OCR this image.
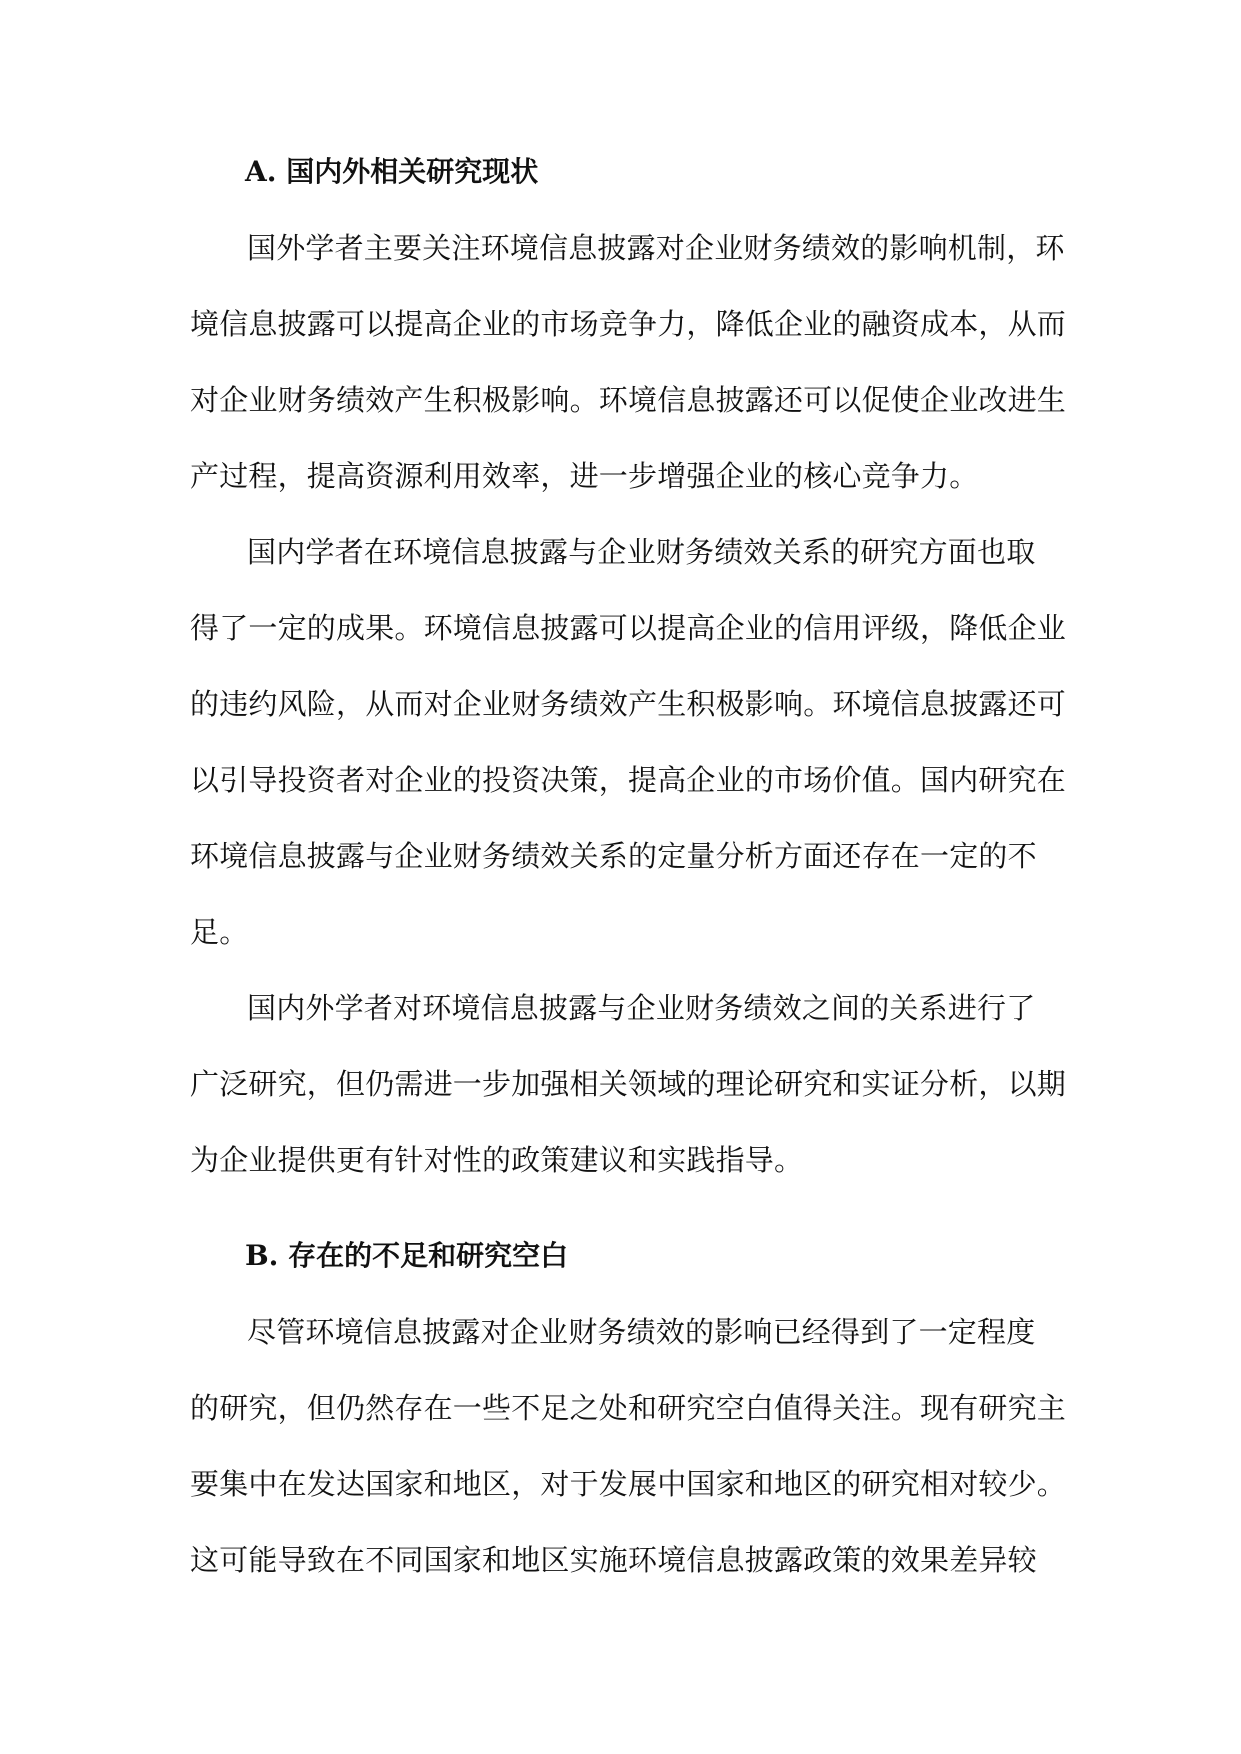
A. 国内外相关研究现状
国外学者主要关注环境信息披露对企业财务绩效的影响机制，环
境信息披露可以提高企业的市场竞争力，降低企业的融资成本，从而
对企业财务绩效产生积极影响。环境信息披露还可以促使企业改进生
产过程，提高资源利用效率，进一步增强企业的核心竞争力。
国内学者在环境信息披露与企业财务绩效关系的研究方面也取
得了一定的成果。环境信息披露可以提高企业的信用评级，降低企业
的违约风险，从而对企业财务绩效产生积极影响。环境信息披露还可
以引导投资者对企业的投资决策，提高企业的市场价值。国内研究在
环境信息披露与企业财务绩效关系的定量分析方面还存在一定的不
足。
国内外学者对环境信息披露与企业财务绩效之间的关系进行了
广泛研究，但仍需进一步加强相关领域的理论研究和实证分析，以期
为企业提供更有针对性的政策建议和实践指导。
B. 存在的不足和研究空白
尽管环境信息披露对企业财务绩效的影响已经得到了一定程度
的研究，但仍然存在一些不足之处和研究空白值得关注。现有研究主
要集中在发达国家和地区，对于发展中国家和地区的研究相对较少。
这可能导致在不同国家和地区实施环境信息披露政策的效果差异较
